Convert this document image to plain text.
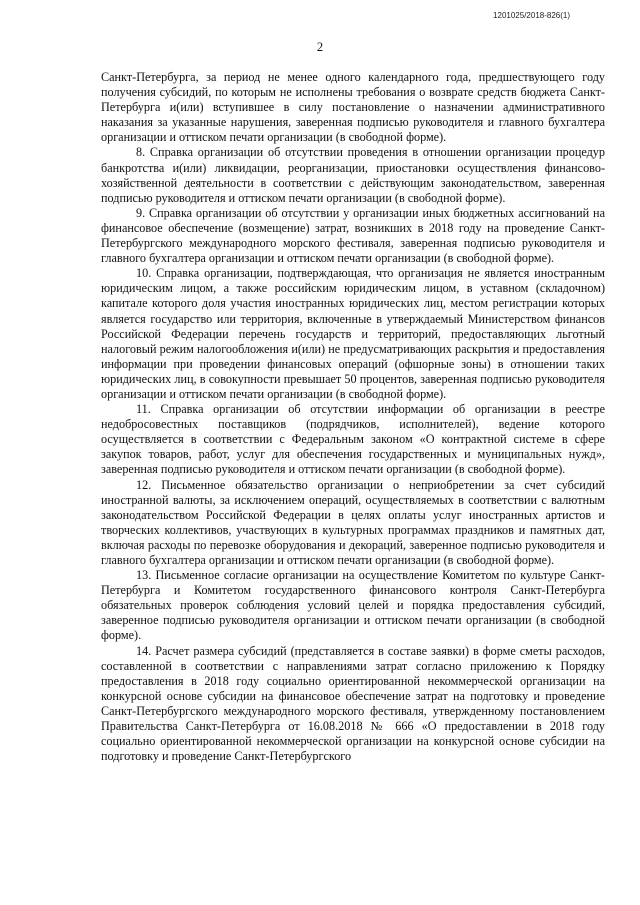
1201025/2018-826(1)
2

Санкт-Петербурга, за период не менее одного календарного года, предшествующего году получения субсидий, по которым не исполнены требования о возврате средств бюджета Санкт-Петербурга и(или) вступившее в силу постановление о назначении административного наказания за указанные нарушения, заверенная подписью руководителя и главного бухгалтера организации и оттиском печати организации (в свободной форме).

8. Справка организации об отсутствии проведения в отношении организации процедур банкротства и(или) ликвидации, реорганизации, приостановки осуществления финансово-хозяйственной деятельности в соответствии с действующим законодательством, заверенная подписью руководителя и оттиском печати организации (в свободной форме).

9. Справка организации об отсутствии у организации иных бюджетных ассигнований на финансовое обеспечение (возмещение) затрат, возникших в 2018 году на проведение Санкт-Петербургского международного морского фестиваля, заверенная подписью руководителя и главного бухгалтера организации и оттиском печати организации (в свободной форме).

10. Справка организации, подтверждающая, что организация не является иностранным юридическим лицом, а также российским юридическим лицом, в уставном (складочном) капитале которого доля участия иностранных юридических лиц, местом регистрации которых является государство или территория, включенные в утверждаемый Министерством финансов Российской Федерации перечень государств и территорий, предоставляющих льготный налоговый режим налогообложения и(или) не предусматривающих раскрытия и предоставления информации при проведении финансовых операций (офшорные зоны) в отношении таких юридических лиц, в совокупности превышает 50 процентов, заверенная подписью руководителя организации и оттиском печати организации (в свободной форме).

11. Справка организации об отсутствии информации об организации в реестре недобросовестных поставщиков (подрядчиков, исполнителей), ведение которого осуществляется в соответствии с Федеральным законом «О контрактной системе в сфере закупок товаров, работ, услуг для обеспечения государственных и муниципальных нужд», заверенная подписью руководителя и оттиском печати организации (в свободной форме).

12. Письменное обязательство организации о неприобретении за счет субсидий иностранной валюты, за исключением операций, осуществляемых в соответствии с валютным законодательством Российской Федерации в целях оплаты услуг иностранных артистов и творческих коллективов, участвующих в культурных программах праздников и памятных дат, включая расходы по перевозке оборудования и декораций, заверенное подписью руководителя и главного бухгалтера организации и оттиском печати организации (в свободной форме).

13. Письменное согласие организации на осуществление Комитетом по культуре Санкт-Петербурга и Комитетом государственного финансового контроля Санкт-Петербурга обязательных проверок соблюдения условий целей и порядка предоставления субсидий, заверенное подписью руководителя организации и оттиском печати организации (в свободной форме).

14. Расчет размера субсидий (представляется в составе заявки) в форме сметы расходов, составленной в соответствии с направлениями затрат согласно приложению к Порядку предоставления в 2018 году социально ориентированной некоммерческой организации на конкурсной основе субсидии на финансовое обеспечение затрат на подготовку и проведение Санкт-Петербургского международного морского фестиваля, утвержденному постановлением Правительства Санкт-Петербурга от 16.08.2018 № 666 «О предоставлении в 2018 году социально ориентированной некоммерческой организации на конкурсной основе субсидии на подготовку и проведение Санкт-Петербургского
